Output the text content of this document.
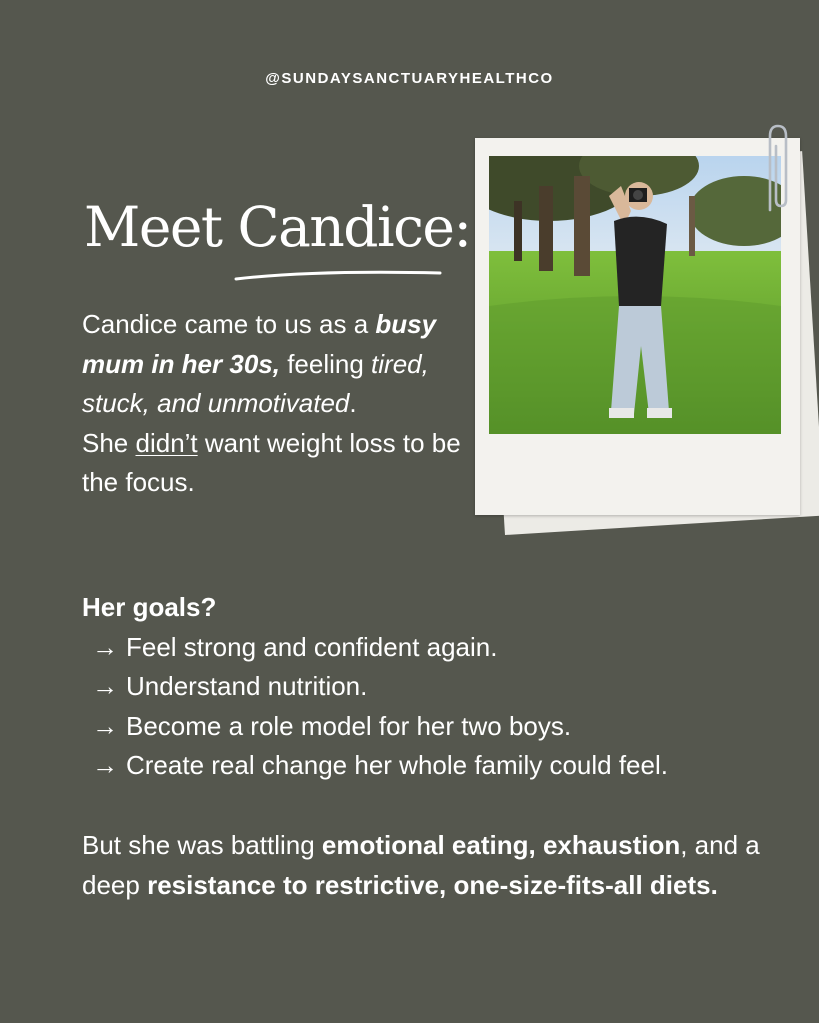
@SUNDAYSANCTUARYHEALTHCO
Meet Candice:

Candice came to us as a busy mum in her 30s, feeling tired, stuck, and unmotivated.

She didn’t want weight loss to be the focus.

Her goals?
→ Feel strong and confident again.
→ Understand nutrition.
→ Become a role model for her two boys.
→ Create real change her whole family could feel.
But she was battling emotional eating, exhaustion, and a deep resistance to restrictive, one-size-fits-all diets.
